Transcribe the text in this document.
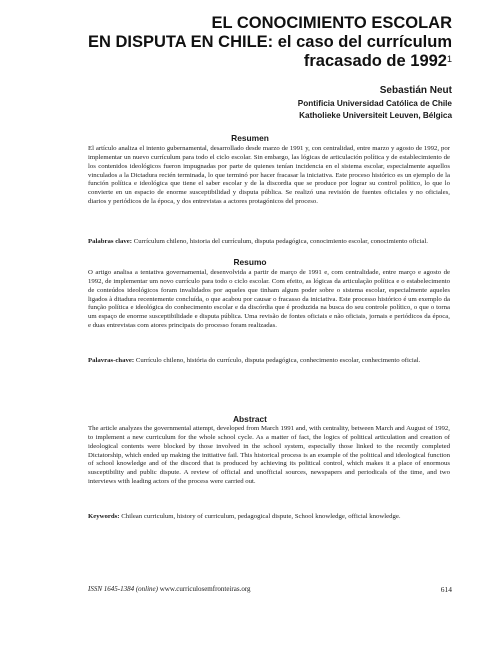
EL CONOCIMIENTO ESCOLAR
EN DISPUTA EN CHILE: el caso del currículum
fracasado de 1992$^1$
Sebastián Neut
Pontificia Universidad Católica de Chile
Katholieke Universiteit Leuven, Bélgica
Resumen

El artículo analiza el intento gubernamental, desarrollado desde marzo de 1991 y, con centralidad, entre marzo y agosto de 1992, por implementar un nuevo currículum para todo el ciclo escolar. Sin embargo, las lógicas de articulación política y de establecimiento de los contenidos ideológicos fueron impugnadas por parte de quienes tenían incidencia en el sistema escolar, especialmente aquellos vinculados a la Dictadura recién terminada, lo que terminó por hacer fracasar la iniciativa. Este proceso histórico es un ejemplo de la función política e ideológica que tiene el saber escolar y de la discordia que se produce por lograr su control político, lo que lo convierte en un espacio de enorme susceptibilidad y disputa pública. Se realizó una revisión de fuentes oficiales y no oficiales, diarios y periódicos de la época, y dos entrevistas a actores protagónicos del proceso.

Palabras clave: Currículum chileno, historia del currículum, disputa pedagógica, conocimiento escolar, conocimiento oficial.

Resumo

O artigo analisa a tentativa governamental, desenvolvida a partir de março de 1991 e, com centralidade, entre março e agosto de 1992, de implementar um novo currículo para todo o ciclo escolar. Com efeito, as lógicas da articulação política e o estabelecimento de conteúdos ideológicos foram invalidados por aqueles que tinham algum poder sobre o sistema escolar, especialmente aqueles ligados à ditadura recentemente concluída, o que acabou por causar o fracasso da iniciativa. Este processo histórico é um exemplo da função política e ideológica do conhecimento escolar e da discórdia que é produzida na busca do seu controle político, o que o torna um espaço de enorme susceptibilidade e disputa pública. Uma revisão de fontes oficiais e não oficiais, jornais e periódicos da época, e duas entrevistas com atores principais do processo foram realizadas.

Palavras-chave: Currículo chileno, história do currículo, disputa pedagógica, conhecimento escolar, conhecimento oficial.

Abstract

The article analyzes the governmental attempt, developed from March 1991 and, with centrality, between March and August of 1992, to implement a new curriculum for the whole school cycle. As a matter of fact, the logics of political articulation and creation of ideological contents were blocked by those involved in the school system, especially those linked to the recently completed Dictatorship, which ended up making the initiative fail. This historical process is an example of the political and ideological function of school knowledge and of the discord that is produced by achieving its political control, which makes it a place of enormous susceptibility and public dispute. A review of official and unofficial sources, newspapers and periodicals of the time, and two interviews with leading actors of the process were carried out.

Keywords: Chilean curriculum, history of curriculum, pedagogical dispute, School knowledge, official knowledge.

ISSN 1645-1384 (online) www.curriculosemfronteiras.org	614
